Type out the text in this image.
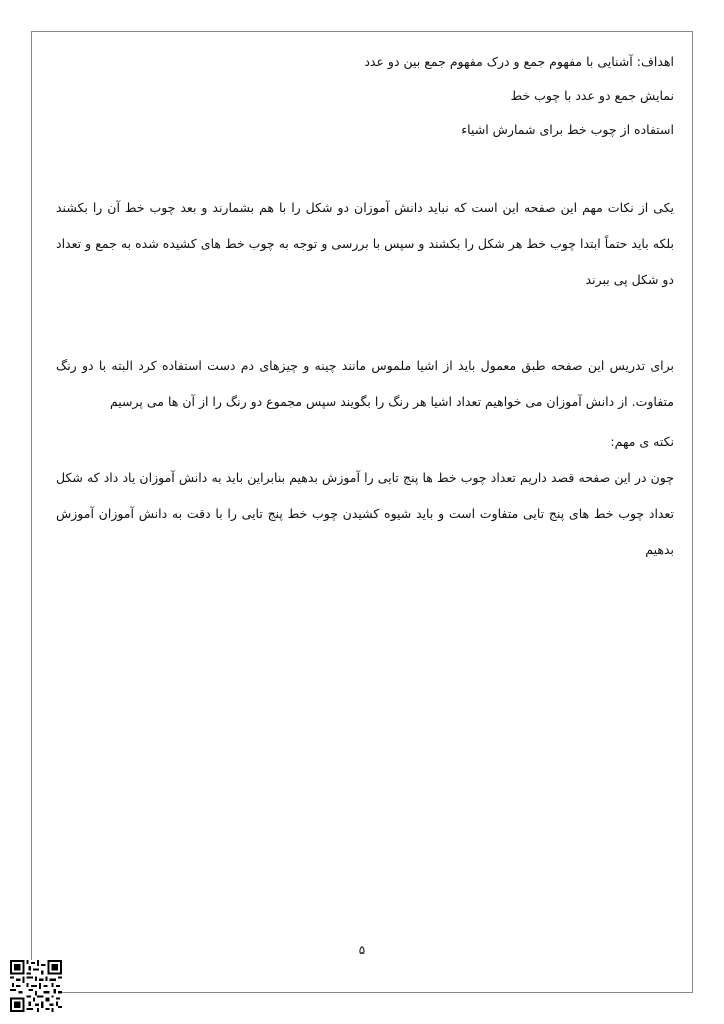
اهداف: آشنایی با مفهوم جمع و درک مفهوم جمع بین دو عدد

نمایش جمع دو عدد با چوب خط

استفاده از چوب خط برای شمارش اشیاء

یکی از نکات مهم این صفحه این است که نباید دانش آموزان دو شکل را با هم بشمارند و بعد چوب خط آن را بکشند بلکه باید حتماً ابتدا چوب خط هر شکل را بکشند و سپس با بررسی و توجه به چوب خط های کشیده شده به جمع و تعداد دو شکل پی ببرند

برای تدریس این صفحه طبق معمول باید از اشیا ملموس مانند چینه و چیزهای دم دست استفاده کرد البته با دو رنگ متفاوت. از دانش آموزان می خواهیم تعداد اشیا هر رنگ را بگویند سپس مجموع دو رنگ را از آن ها می پرسیم

نکته ی مهم:

چون در این صفحه قصد داریم تعداد چوب خط ها پنج تایی را آموزش بدهیم بنابراین باید به دانش آموزان یاد داد که شکل تعداد چوب خط های پنج تایی متفاوت است و باید شیوه کشیدن چوب خط پنج تایی را با دقت به دانش آموزان آموزش بدهیم

۵
